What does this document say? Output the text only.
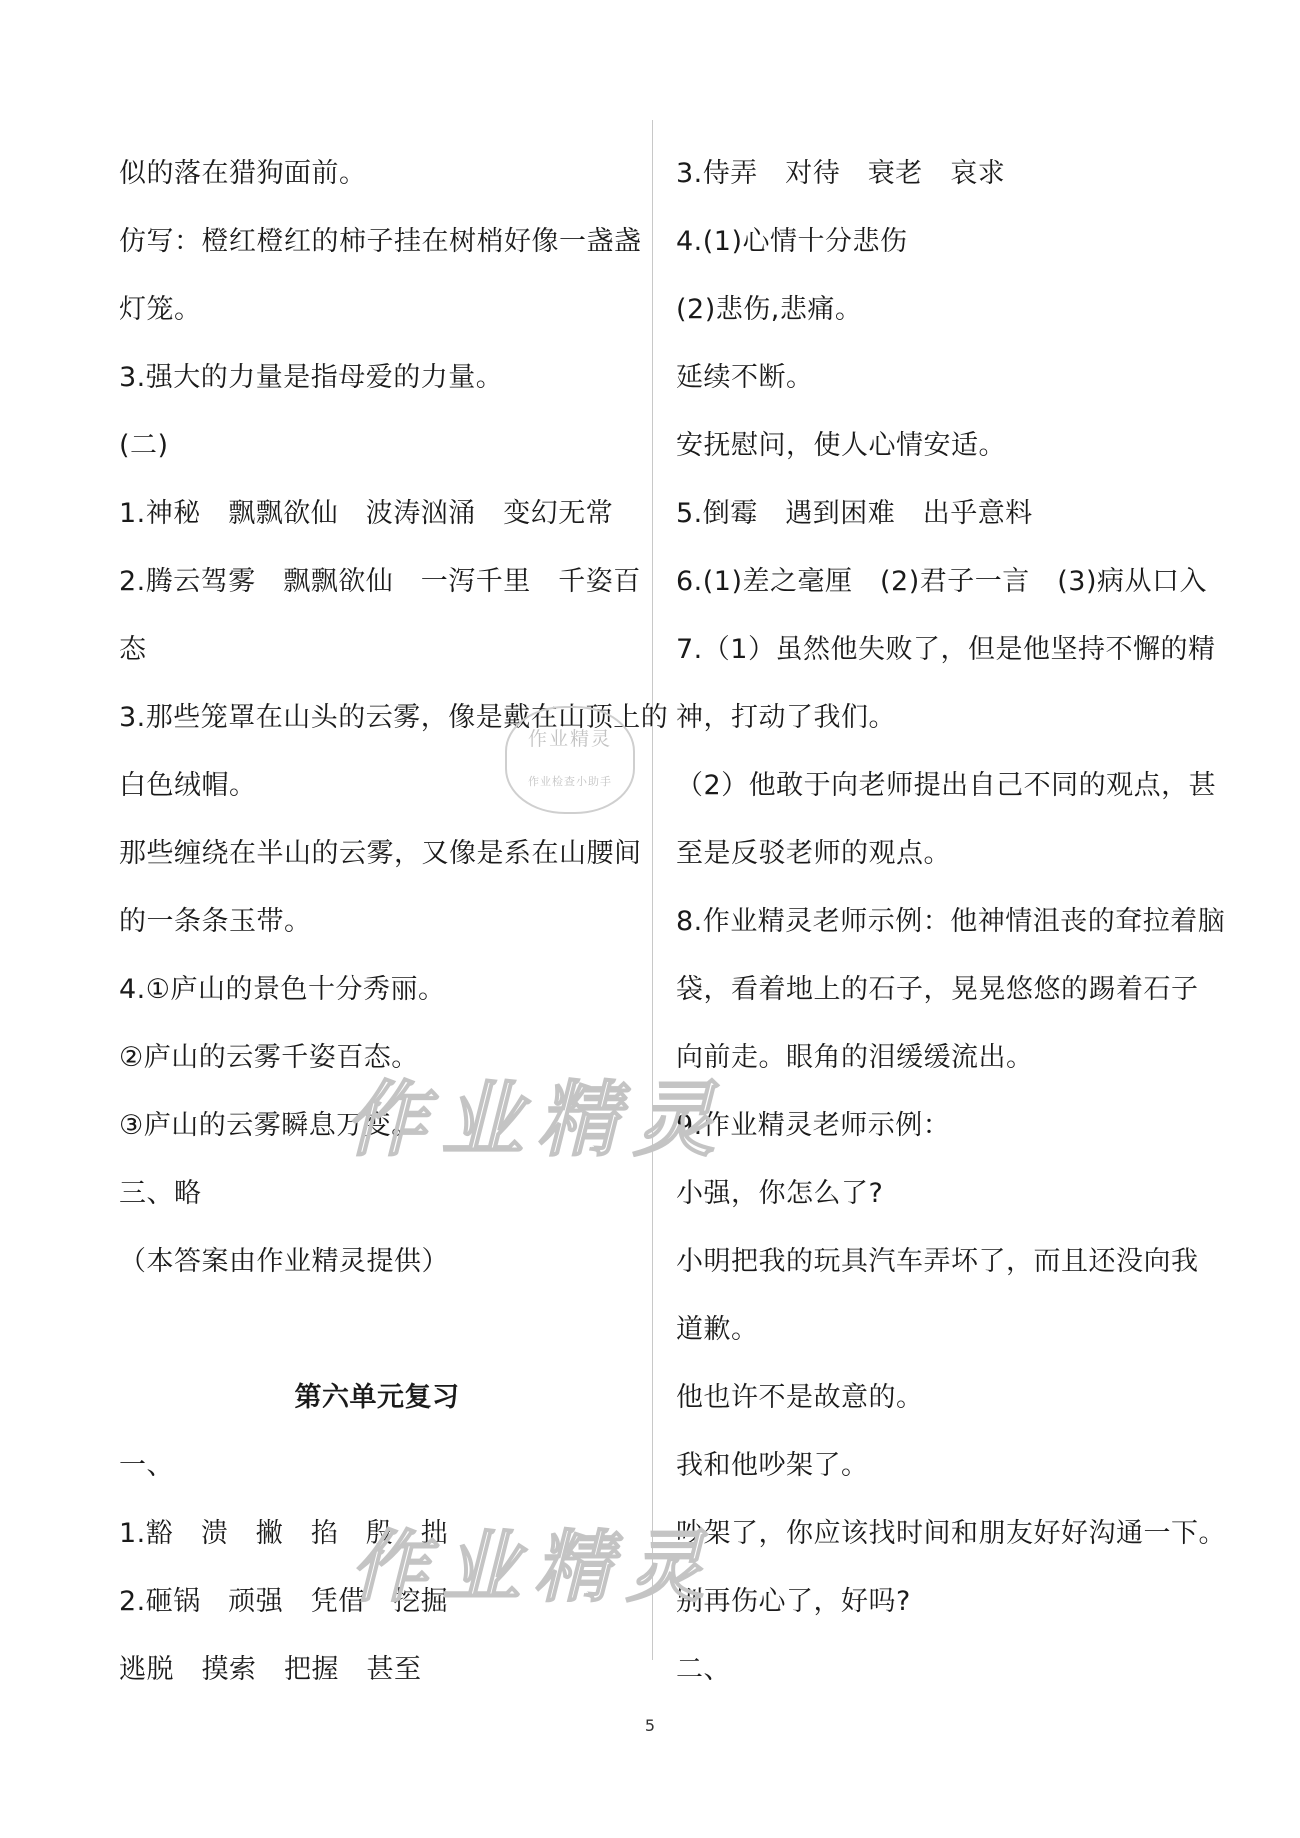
似的落在猎狗面前。
仿写：橙红橙红的柿子挂在树梢好像一盏盏
灯笼。
3.强大的力量是指母爱的力量。
(二)
1.神秘　飘飘欲仙　波涛汹涌　变幻无常
2.腾云驾雾　飘飘欲仙　一泻千里　千姿百
态
3.那些笼罩在山头的云雾，像是戴在山顶上的
白色绒帽。
那些缠绕在半山的云雾，又像是系在山腰间
的一条条玉带。
4.①庐山的景色十分秀丽。
②庐山的云雾千姿百态。
③庐山的云雾瞬息万变。
三、略
（本答案由作业精灵提供）
第六单元复习
一、
1.豁　溃　撇　掐　殷　拙
2.砸锅　顽强　凭借　挖掘
逃脱　摸索　把握　甚至
3.侍弄　对待　衰老　哀求
4.(1)心情十分悲伤
(2)悲伤,悲痛。
延续不断。
安抚慰问，使人心情安适。
5.倒霉　遇到困难　出乎意料
6.(1)差之毫厘　(2)君子一言　(3)病从口入
7.（1）虽然他失败了，但是他坚持不懈的精
神，打动了我们。
（2）他敢于向老师提出自己不同的观点，甚
至是反驳老师的观点。
8.作业精灵老师示例：他神情沮丧的耷拉着脑
袋，看着地上的石子，晃晃悠悠的踢着石子
向前走。眼角的泪缓缓流出。
9.作业精灵老师示例：
小强，你怎么了?
小明把我的玩具汽车弄坏了，而且还没向我
道歉。
他也许不是故意的。
我和他吵架了。
吵架了，你应该找时间和朋友好好沟通一下。
别再伤心了，好吗?
二、
作业精灵
作业精灵
作业精灵
作业检查小助手
5
